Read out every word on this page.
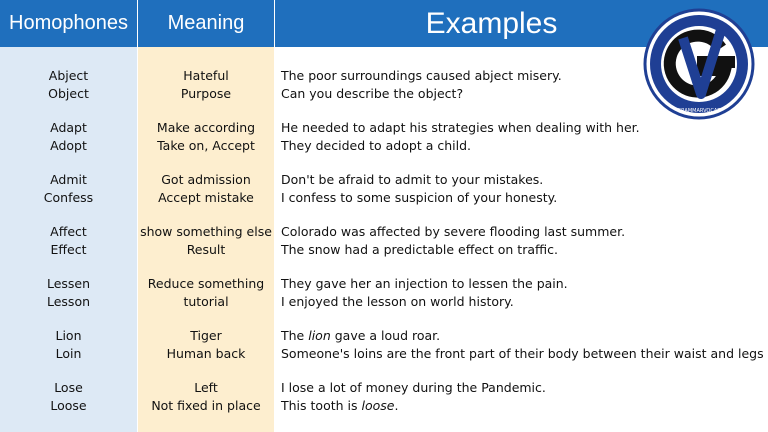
Homophones	Meaning	Examples
Abject
Object
Hateful
Purpose
The poor surroundings caused abject misery.
Can you describe the object?
Adapt
Adopt
Make according
Take on, Accept
He needed to adapt his strategies when dealing with her.
They decided to adopt a child.
Admit
Confess
Got admission
Accept mistake
Don't be afraid to admit to your mistakes.
I confess to some suspicion of your honesty.
Affect
Effect
show something else
Result
Colorado was affected by severe flooding last summer.
The snow had a predictable effect on traffic.
Lessen
Lesson
Reduce something
tutorial
They gave her an injection to lessen the pain.
I enjoyed the lesson on world history.
Lion
Loin
Tiger
Human back
The lion gave a loud roar.
Someone's loins are the front part of their body between their waist and legs
Lose
Loose
Left
Not fixed in place
I lose a lot of money during the Pandemic.
This tooth is loose.
GRAMMARVOCAB
